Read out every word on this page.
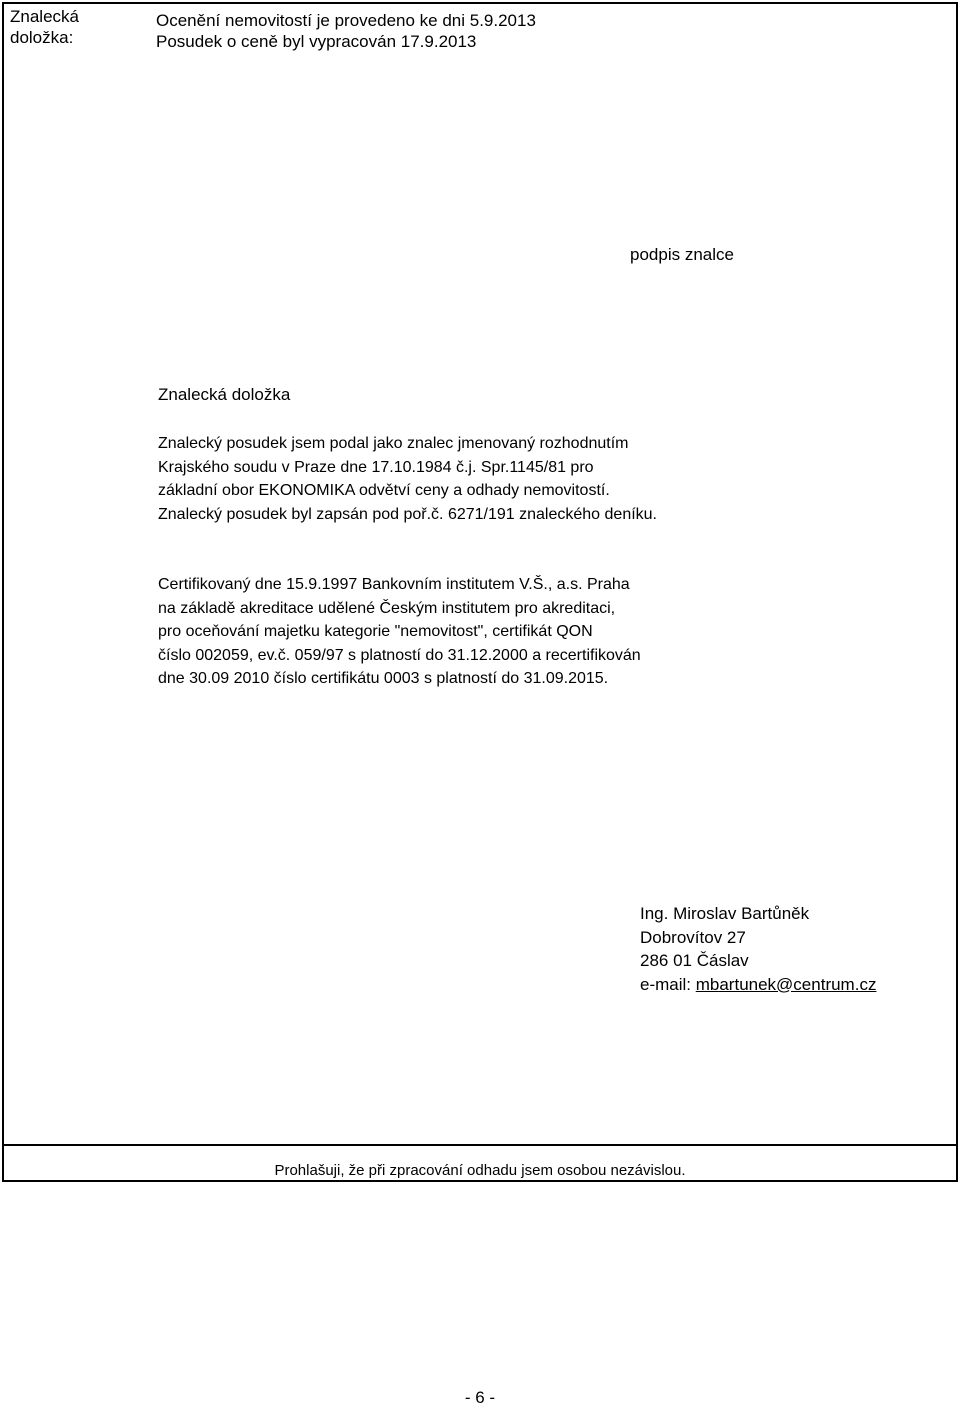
Znalecká
doložka:
Ocenění nemovitostí je provedeno ke dni 5.9.2013
Posudek o ceně byl vypracován 17.9.2013
podpis znalce
Znalecká doložka
Znalecký posudek jsem podal jako znalec jmenovaný rozhodnutím
Krajského soudu v Praze dne 17.10.1984 č.j. Spr.1145/81 pro
základní obor EKONOMIKA odvětví ceny a odhady nemovitostí.
Znalecký posudek byl zapsán pod poř.č. 6271/191 znaleckého deníku.
Certifikovaný dne 15.9.1997 Bankovním institutem V.Š., a.s. Praha
na základě akreditace udělené Českým institutem pro akreditaci,
pro oceňování majetku kategorie "nemovitost", certifikát QON
číslo 002059, ev.č. 059/97 s platností do 31.12.2000 a recertifikován
dne 30.09 2010 číslo certifikátu 0003 s platností do 31.09.2015.
Ing. Miroslav Bartůněk
Dobrovítov 27
286 01 Čáslav
e-mail: mbartunek@centrum.cz
Prohlašuji, že při zpracování odhadu jsem osobou nezávislou.
- 6 -
